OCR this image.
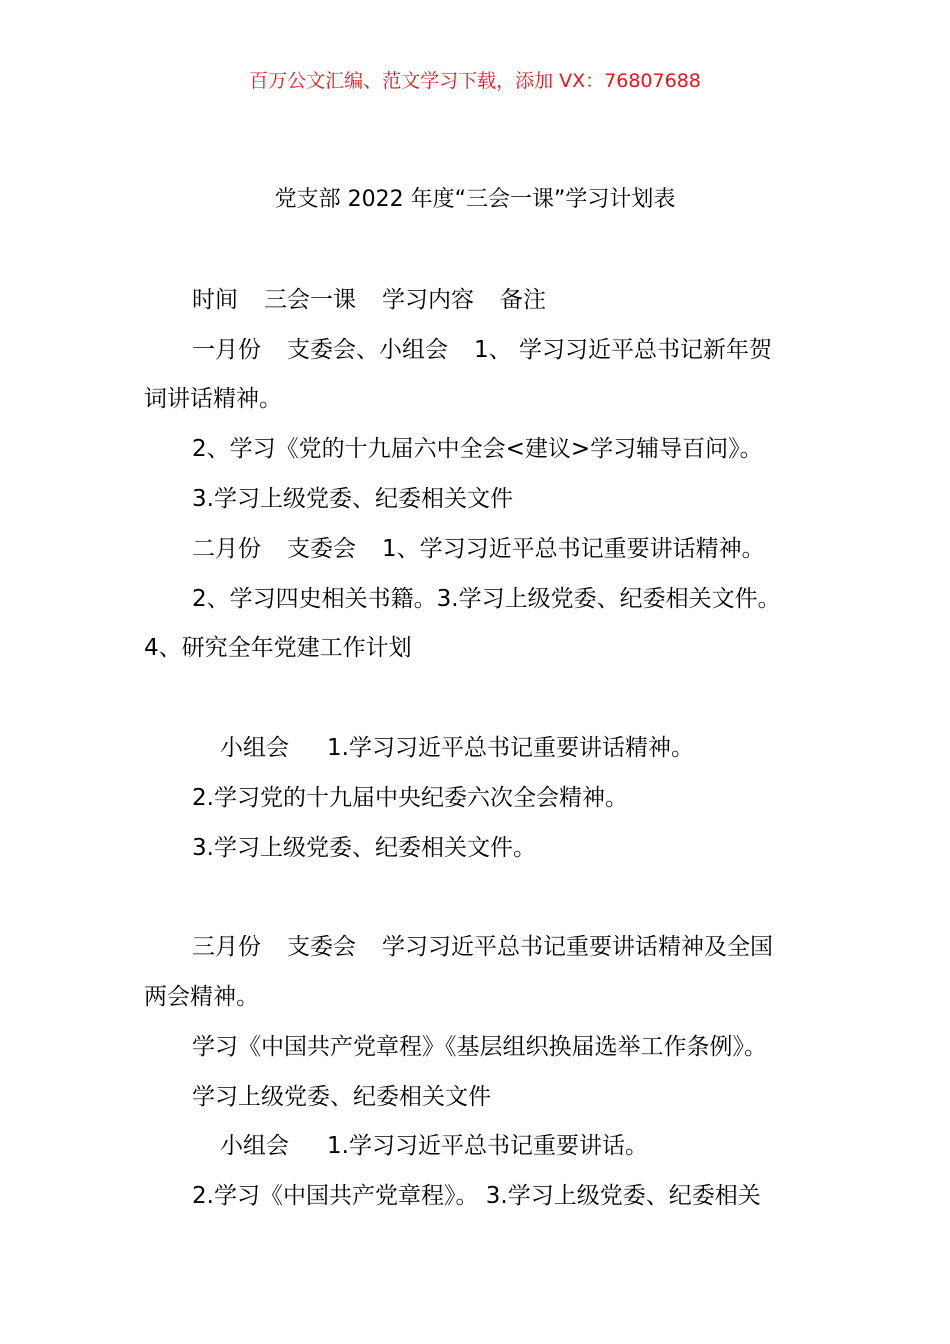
百万公文汇编、范文学习下载，添加 VX：76807688
党支部 2022 年度“三会一课”学习计划表
时间 三会一课 学习内容 备注
一月份 支委会、小组会 1、 学习习近平总书记新年贺
词讲话精神。
2、学习《党的十九届六中全会<建议>学习辅导百问》。
3.学习上级党委、纪委相关文件
二月份 支委会 1、学习习近平总书记重要讲话精神。
2、学习四史相关书籍。3.学习上级党委、纪委相关文件。
4、研究全年党建工作计划
小组会 1.学习习近平总书记重要讲话精神。
2.学习党的十九届中央纪委六次全会精神。
3.学习上级党委、纪委相关文件。
三月份 支委会 学习习近平总书记重要讲话精神及全国
两会精神。
学习《中国共产党章程》《基层组织换届选举工作条例》。
学习上级党委、纪委相关文件
小组会 1.学习习近平总书记重要讲话。
2.学习《中国共产党章程》。 3.学习上级党委、纪委相关
